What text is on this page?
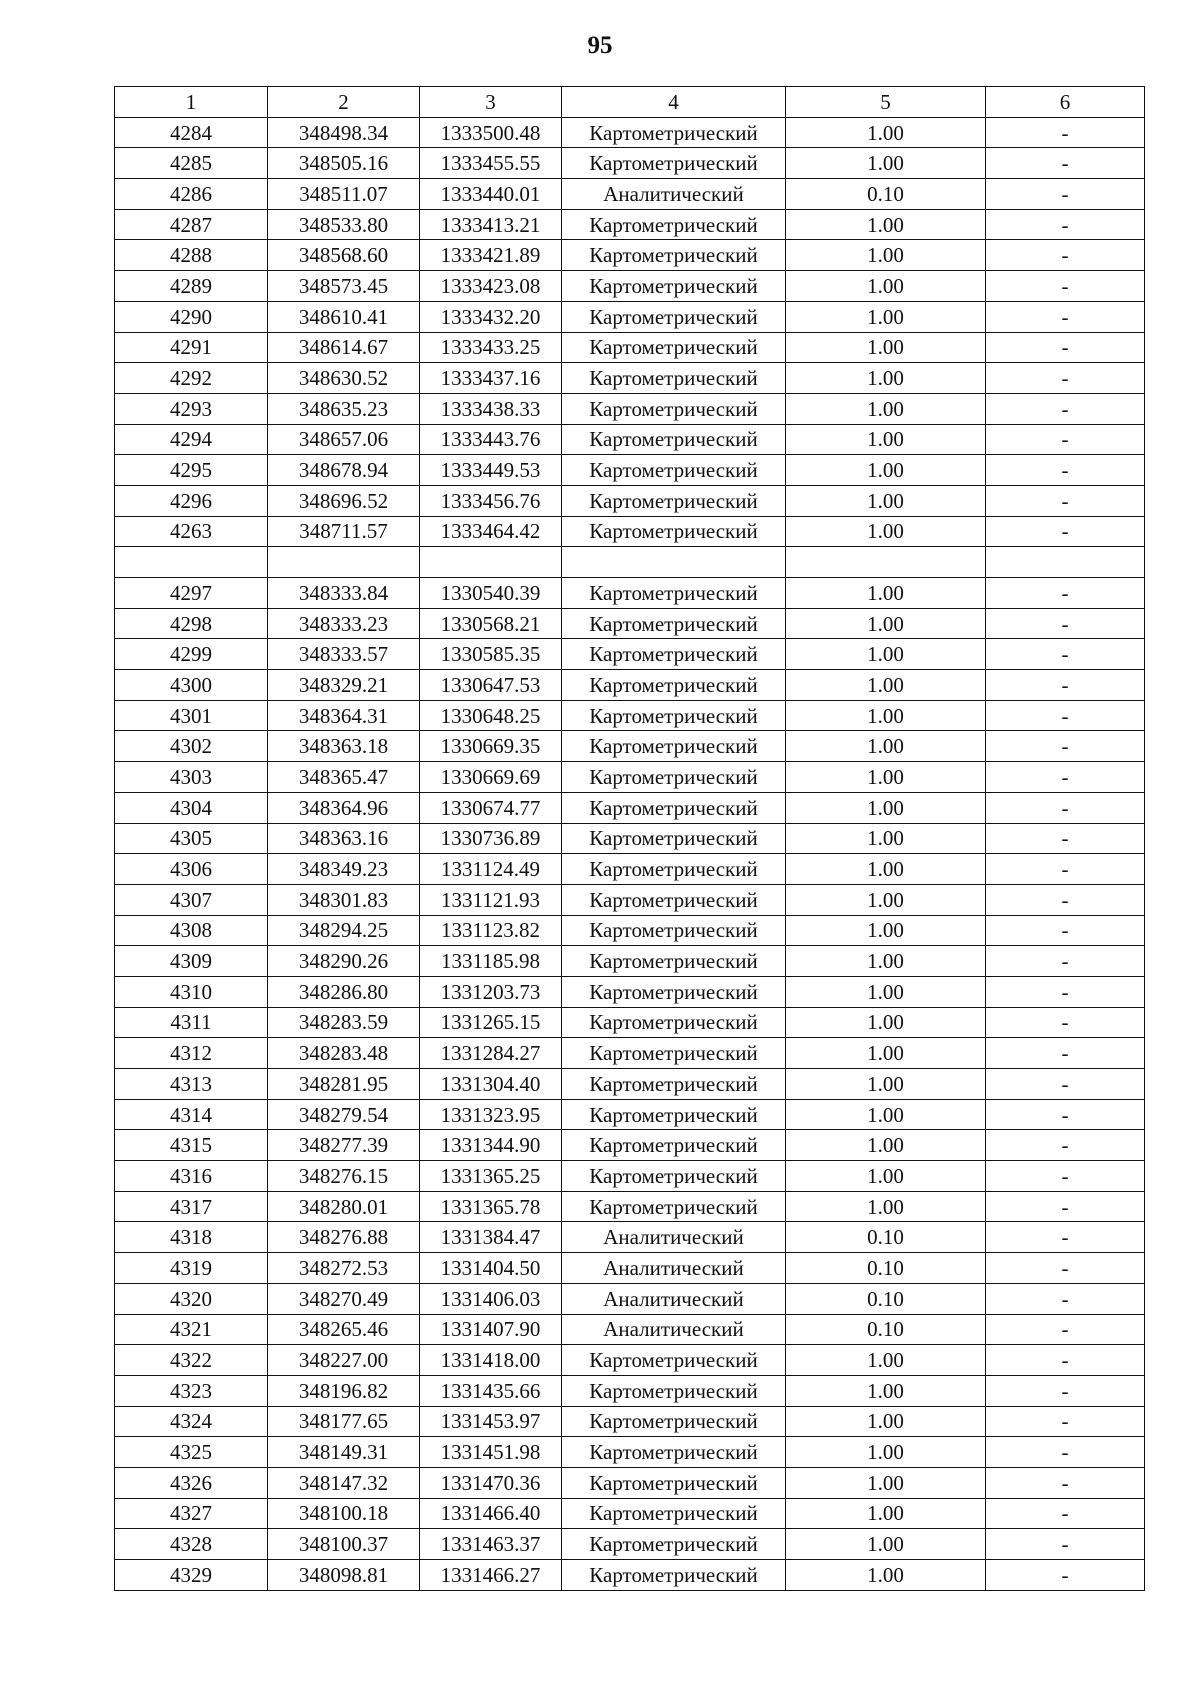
95
1	2	3	4	5	6
4284	348498.34	1333500.48	Картометрический	1.00	-
4285	348505.16	1333455.55	Картометрический	1.00	-
4286	348511.07	1333440.01	Аналитический	0.10	-
4287	348533.80	1333413.21	Картометрический	1.00	-
4288	348568.60	1333421.89	Картометрический	1.00	-
4289	348573.45	1333423.08	Картометрический	1.00	-
4290	348610.41	1333432.20	Картометрический	1.00	-
4291	348614.67	1333433.25	Картометрический	1.00	-
4292	348630.52	1333437.16	Картометрический	1.00	-
4293	348635.23	1333438.33	Картометрический	1.00	-
4294	348657.06	1333443.76	Картометрический	1.00	-
4295	348678.94	1333449.53	Картометрический	1.00	-
4296	348696.52	1333456.76	Картометрический	1.00	-
4263	348711.57	1333464.42	Картометрический	1.00	-

4297	348333.84	1330540.39	Картометрический	1.00	-
4298	348333.23	1330568.21	Картометрический	1.00	-
4299	348333.57	1330585.35	Картометрический	1.00	-
4300	348329.21	1330647.53	Картометрический	1.00	-
4301	348364.31	1330648.25	Картометрический	1.00	-
4302	348363.18	1330669.35	Картометрический	1.00	-
4303	348365.47	1330669.69	Картометрический	1.00	-
4304	348364.96	1330674.77	Картометрический	1.00	-
4305	348363.16	1330736.89	Картометрический	1.00	-
4306	348349.23	1331124.49	Картометрический	1.00	-
4307	348301.83	1331121.93	Картометрический	1.00	-
4308	348294.25	1331123.82	Картометрический	1.00	-
4309	348290.26	1331185.98	Картометрический	1.00	-
4310	348286.80	1331203.73	Картометрический	1.00	-
4311	348283.59	1331265.15	Картометрический	1.00	-
4312	348283.48	1331284.27	Картометрический	1.00	-
4313	348281.95	1331304.40	Картометрический	1.00	-
4314	348279.54	1331323.95	Картометрический	1.00	-
4315	348277.39	1331344.90	Картометрический	1.00	-
4316	348276.15	1331365.25	Картометрический	1.00	-
4317	348280.01	1331365.78	Картометрический	1.00	-
4318	348276.88	1331384.47	Аналитический	0.10	-
4319	348272.53	1331404.50	Аналитический	0.10	-
4320	348270.49	1331406.03	Аналитический	0.10	-
4321	348265.46	1331407.90	Аналитический	0.10	-
4322	348227.00	1331418.00	Картометрический	1.00	-
4323	348196.82	1331435.66	Картометрический	1.00	-
4324	348177.65	1331453.97	Картометрический	1.00	-
4325	348149.31	1331451.98	Картометрический	1.00	-
4326	348147.32	1331470.36	Картометрический	1.00	-
4327	348100.18	1331466.40	Картометрический	1.00	-
4328	348100.37	1331463.37	Картометрический	1.00	-
4329	348098.81	1331466.27	Картометрический	1.00	-
